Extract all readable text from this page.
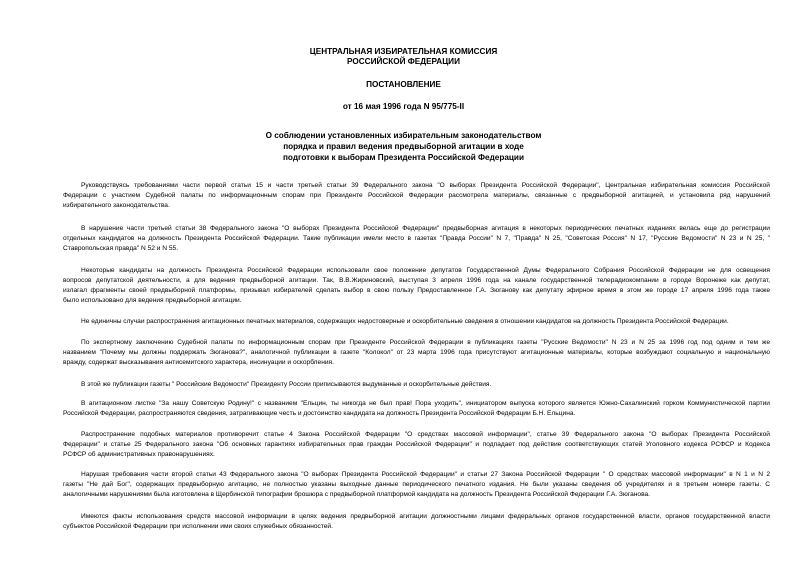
ЦЕНТРАЛЬНАЯ ИЗБИРАТЕЛЬНАЯ КОМИССИЯ
РОССИЙСКОЙ ФЕДЕРАЦИИ
ПОСТАНОВЛЕНИЕ
от 16 мая 1996 года N 95/775-II
О соблюдении установленных избирательным законодательством
порядка и правил ведения предвыборной агитации в ходе
подготовки к выборам Президента Российской Федерации

Руководствуясь требованиями части первой статьи 15 и части третьей статьи 39 Федерального закона "О выборах Президента Российской Федерации", Центральная избирательная комиссия Российской
Федерации с участием Судебной палаты по информационным спорам при Президенте Российской Федерации рассмотрела материалы, связанные с предвыборной агитацией, и установила ряд нарушений
избирательного законодательства.

В нарушение части третьей статьи 38 Федерального закона "О выборах Президента Российской Федерации" предвыборная агитация в некоторых периодических печатных изданиях велась еще до регистрации
отдельных кандидатов на должность Президента Российской Федерации. Такие публикации имели место в газетах "Правда России" N 7, "Правда" N 25, "Советская Россия" N 17, "Русские Ведомости" N 23 и N 25, "
Ставропольская правда" N 52 и N 55.

Некоторые кандидаты на должность Президента Российской Федерации использовали свое положение депутатов Государственной Думы Федерального Собрания Российской Федерации не для освещения
вопросов депутатской деятельности, а для ведения предвыборной агитации. Так, В.В.Жириновский, выступая 3 апреля 1996 года на канале государственной телерадиокомпании в городе Воронеже как депутат,
излагал фрагменты своей предвыборной платформы, призывал избирателей сделать выбор в свою пользу Предоставленное Г.А. Зюганову как депутату эфирное время в этом же городе 17 апреля 1996 года также
было использовано для ведения предвыборной агитации.

Не единичны случаи распространения агитационных печатных материалов, содержащих недостоверные и оскорбительные сведения в отношении кандидатов на должность Президента Российской Федерации.

По экспертному заключению Судебной палаты по информационным спорам при Президенте Российской Федерации в публикациях газеты "Русские Ведомости" N 23 и N 25 за 1996 год под одним и тем же
названием "Почему мы должны поддержать Зюганова?", аналогичной публикации в газете "Колокол" от 23 марта 1996 года присутствуют агитационные материалы, которые возбуждают социальную и национальную
вражду, содержат высказывания антисемитского характера, инсинуации и оскорбления.

В этой же публикации газеты " Российские Ведомости" Президенту России приписываются выдуманные и оскорбительные действия.

В агитационном листке "За нашу Советскую Родину!" с названием "Ельцин, ты никогда не был прав! Пора уходить", инициатором выпуска которого является Южно-Сахалинский горком Коммунистической партии
Российской Федерации, распространяются сведения, затрагивающие честь и достоинство кандидата на должность Президента Российской Федерации Б.Н. Ельцина.

Распространение подобных материалов противоречит статье 4 Закона Российской Федерации "О средствах массовой информации", статье 39 Федерального закона "О выборах Президента Российской
Федерации" и статье 25 Федерального закона "Об основных гарантиях избирательных прав граждан Российской Федерации" и подпадает под действие соответствующих статей Уголовного кодекса РСФСР и Кодекса
РСФСР об административных правонарушениях.

Нарушая требования части второй статьи 43 Федерального закона "О выборах Президента Российской Федерации" и статьи 27 Закона Российской Федерации " О средствах массовой информации" в N 1 и N 2
газеты "Не дай Бог", содержащих предвыборную агитацию, не полностью указаны выходные данные периодического печатного издания. Не были указаны сведения об учредителях и в третьем номере газеты. С
аналогичными нарушениями была изготовлена в Щербинской типографии брошюра с предвыборной платформой кандидата на должность Президента Российской Федерации Г.А. Зюганова.

Имеются факты использования средств массовой информации в целях ведения предвыборной агитации должностными лицами федеральных органов государственной власти, органов государственной власти
субъектов Российской Федерации при исполнении ими своих служебных обязанностей.
